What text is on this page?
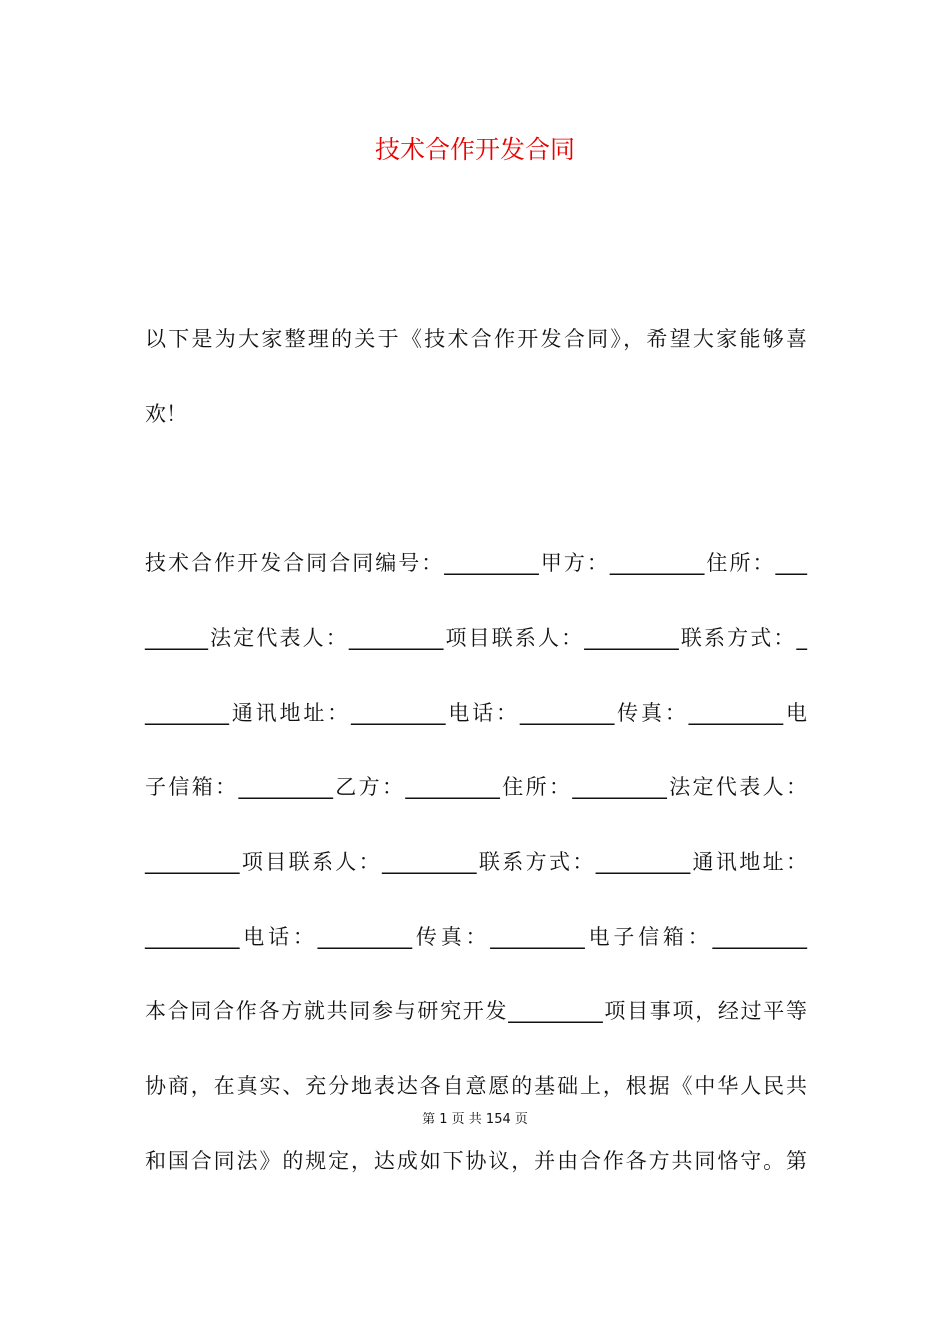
技术合作开发合同

以下是为大家整理的关于《技术合作开发合同》，希望大家能够喜

欢！

技术合作开发合同合同编号：_________甲方：_________住所：___

______法定代表人：_________项目联系人：_________联系方式：_

________通讯地址：_________电话：_________传真：_________电

子信箱：_________乙方：_________住所：_________法定代表人：

_________项目联系人：_________联系方式：_________通讯地址：

_________电话：_________传真：_________电子信箱：_________

本合同合作各方就共同参与研究开发_________项目事项，经过平等

协商，在真实、充分地表达各自意愿的基础上，根据《中华人民共

第 1 页 共 154 页

和国合同法》的规定，达成如下协议，并由合作各方共同恪守。第
